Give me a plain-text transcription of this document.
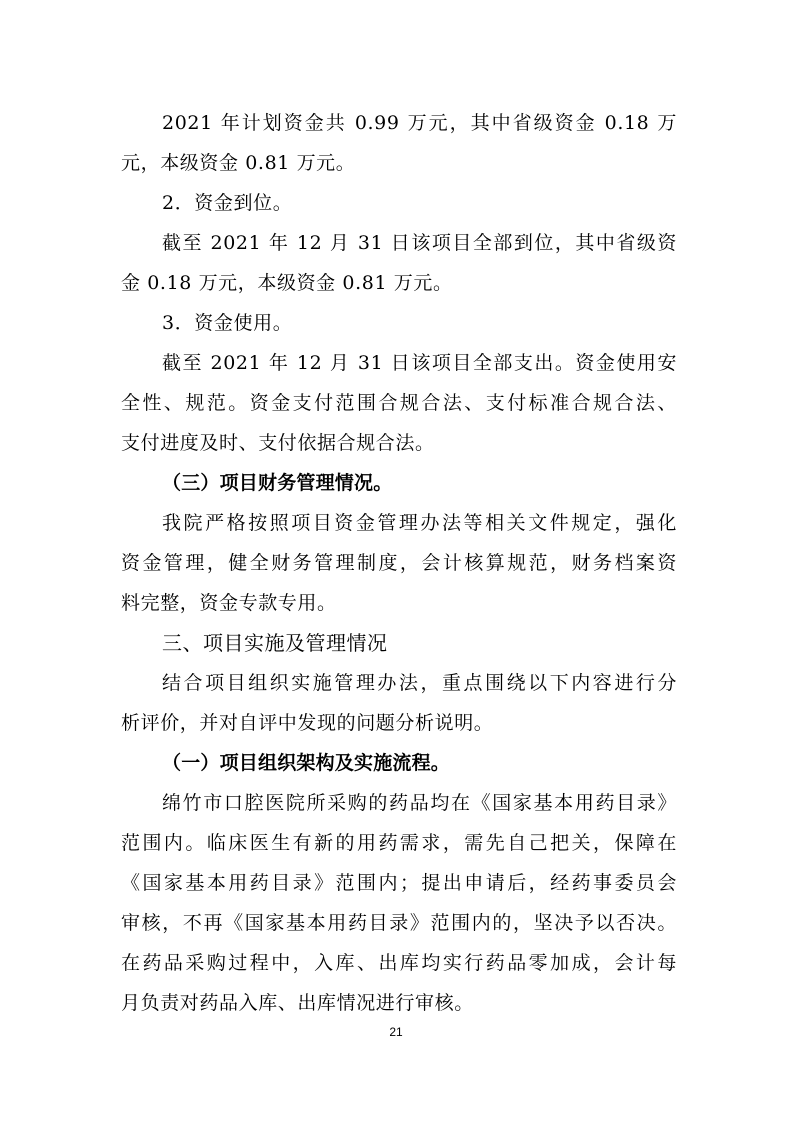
2021 年计划资金共 0.99 万元，其中省级资金 0.18 万
元，本级资金 0.81 万元。
2．资金到位。
截至 2021 年 12 月 31 日该项目全部到位，其中省级资
金 0.18 万元，本级资金 0.81 万元。
3．资金使用。
截至 2021 年 12 月 31 日该项目全部支出。资金使用安
全性、规范。资金支付范围合规合法、支付标准合规合法、
支付进度及时、支付依据合规合法。
（三）项目财务管理情况。
我院严格按照项目资金管理办法等相关文件规定，强化
资金管理，健全财务管理制度，会计核算规范，财务档案资
料完整，资金专款专用。
三、项目实施及管理情况
结合项目组织实施管理办法，重点围绕以下内容进行分
析评价，并对自评中发现的问题分析说明。
（一）项目组织架构及实施流程。
绵竹市口腔医院所采购的药品均在《国家基本用药目录》
范围内。临床医生有新的用药需求，需先自己把关，保障在
《国家基本用药目录》范围内；提出申请后，经药事委员会
审核，不再《国家基本用药目录》范围内的，坚决予以否决。
在药品采购过程中，入库、出库均实行药品零加成，会计每
月负责对药品入库、出库情况进行审核。
21
